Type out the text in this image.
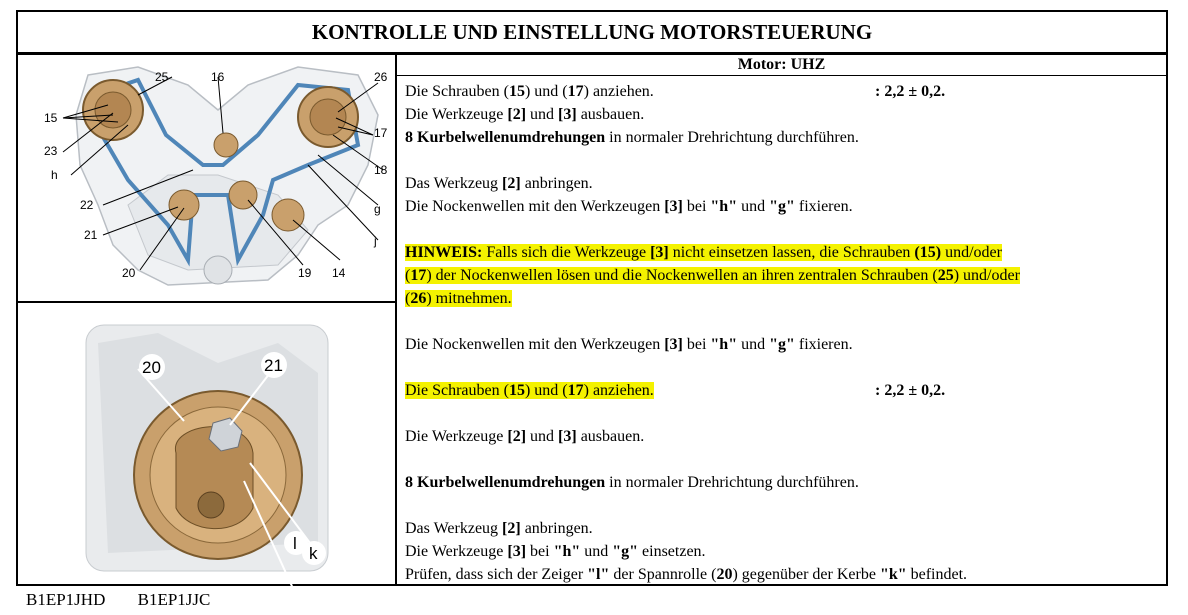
KONTROLLE UND EINSTELLUNG MOTORSTEUERUNG
15
23
h
22
21
20
25	16	26
17
18
g
j
14
19
20	21
k
l
Motor: UHZ

Die Schrauben (15) und (17) anziehen.	: 2,2 ± 0,2.

Die Werkzeuge [2] und [3] ausbauen.

8 Kurbelwellenumdrehungen in normaler Drehrichtung durchführen.

Das Werkzeug [2] anbringen.

Die Nockenwellen mit den Werkzeugen [3] bei "h" und "g" fixieren.

HINWEIS: Falls sich die Werkzeuge [3] nicht einsetzen lassen, die Schrauben (15) und/oder

(17) der Nockenwellen lösen und die Nockenwellen an ihren zentralen Schrauben (25) und/oder

(26) mitnehmen.

Die Nockenwellen mit den Werkzeugen [3] bei "h" und "g" fixieren.

Die Schrauben (15) und (17) anziehen.	: 2,2 ± 0,2.

Die Werkzeuge [2] und [3] ausbauen.

8 Kurbelwellenumdrehungen in normaler Drehrichtung durchführen.

Das Werkzeug [2] anbringen.

Die Werkzeuge [3] bei "h" und "g" einsetzen.

Prüfen, dass sich der Zeiger "l" der Spannrolle (20) gegenüber der Kerbe "k" befindet.

B1EP1JHD B1EP1JJC
